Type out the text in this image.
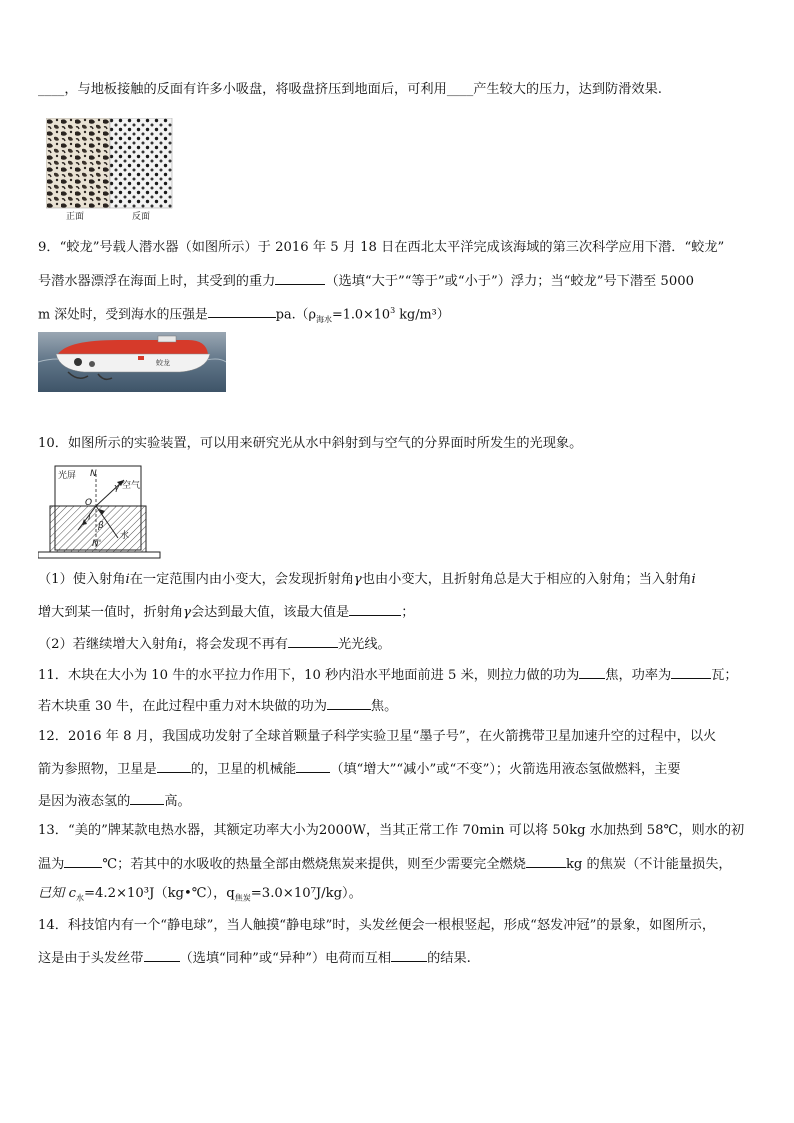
____，与地板接触的反面有许多小吸盘，将吸盘挤压到地面后，可利用____产生较大的压力，达到防滑效果.
正面	反面
9．“蛟龙”号载人潜水器（如图所示）于 2016 年 5 月 18 日在西北太平洋完成该海域的第三次科学应用下潜．“蛟龙”
号潜水器漂浮在海面上时，其受到的重力	（选填“大于”“等于”或“小于”）浮力；当“蛟龙”号下潜至 5000
m 深处时，受到海水的压强是	$pa.(\rho_{海水}=1.0\times 10^3$ kg/m³）
蛟龙
10．如图所示的实验装置，可以用来研究光从水中斜射到与空气的分界面时所发生的光现象。
光屏 N
γ 空气
O
i
β
水
N'
（1）使入射角i在一定范围内由小变大，会发现折射角γ也由小变大，且折射角总是大于相应的入射角；当入射角i
增大到某一值时，折射角γ会达到最大值，该最大值是	；
（2）若继续增大入射角i，将会发现不再有	光光线。
11．木块在大小为 10 牛的水平拉力作用下，10 秒内沿水平地面前进 5 米，则拉力做的功为 焦，功率为	瓦；
若木块重 30 牛，在此过程中重力对木块做的功为	焦。
12．2016 年 8 月，我国成功发射了全球首颗量子科学实验卫星“墨子号”，在火箭携带卫星加速升空的过程中，以火
箭为参照物，卫星是	的，卫星的机械能	（填“增大”“减小”或“不变”）；火箭选用液态氢做燃料，主要
是因为液态氢的	高。
13．“美的”牌某款电热水器，其额定功率大小为2000W，当其正常工作 70min 可以将 50kg 水加热到 58℃，则水的初
温为	℃；若其中的水吸收的热量全部由燃烧焦炭来提供，则至少需要完全燃烧	kg 的焦炭（不计能量损失，
已知 $c_水=4.2\times 10^3J(kg•℃)$，$q_{焦炭}=3.0\times 10^7J/kg$）。
14．科技馆内有一个“静电球”，当人触摸“静电球”时，头发丝便会一根根竖起，形成“怒发冲冠”的景象，如图所示，
这是由于头发丝带	（选填“同种”或“异种”）电荷而互相	的结果.
